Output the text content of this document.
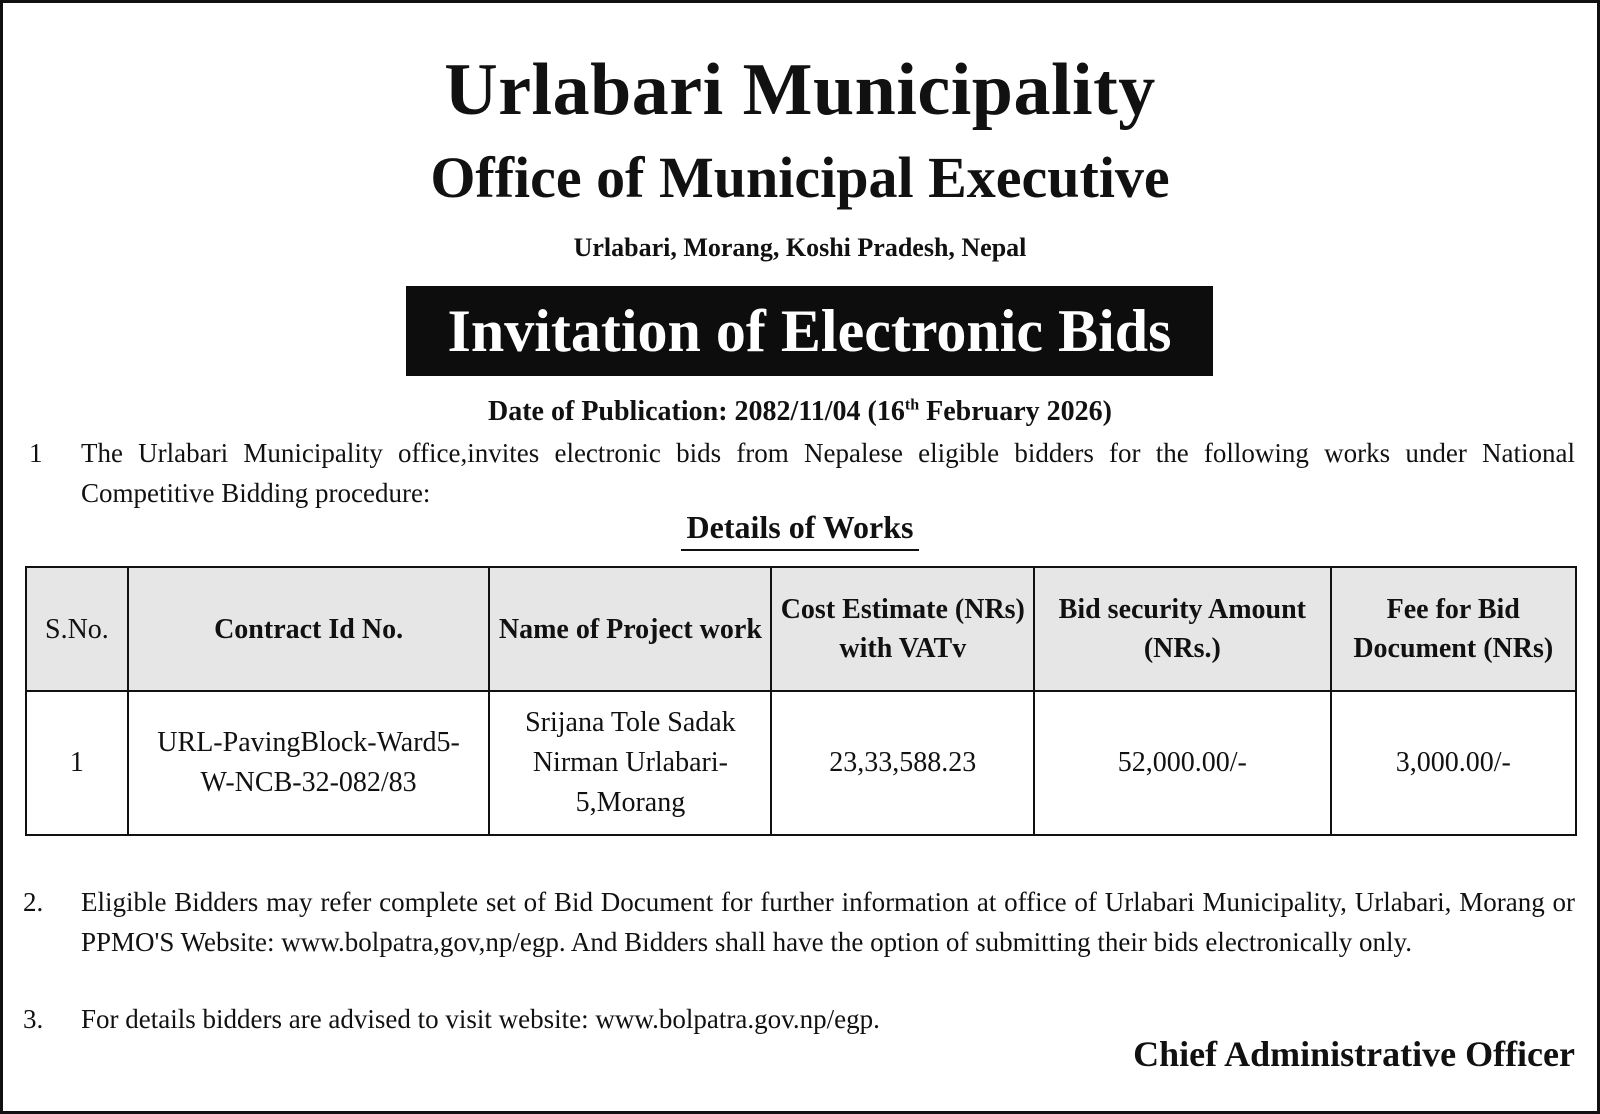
Urlabari Municipality
Office of Municipal Executive
Urlabari, Morang, Koshi Pradesh, Nepal
Invitation of Electronic Bids
Date of Publication: 2082/11/04 (16th February 2026)
1 The Urlabari Municipality office,invites electronic bids from Nepalese eligible bidders for the following works under National Competitive Bidding procedure:
Details of Works
S.No.	Contract Id No.	Name of Project work	Cost Estimate (NRs) with VATv	Bid security Amount (NRs.)	Fee for Bid Document (NRs)
1	URL-PavingBlock-Ward5-W-NCB-32-082/83	Srijana Tole Sadak Nirman Urlabari-5,Morang	23,33,588.23	52,000.00/-	3,000.00/-
2. Eligible Bidders may refer complete set of Bid Document for further information at office of Urlabari Municipality, Urlabari, Morang or PPMO'S Website: www.bolpatra,gov,np/egp. And Bidders shall have the option of submitting their bids electronically only.
3. For details bidders are advised to visit website: www.bolpatra.gov.np/egp.
Chief Administrative Officer
